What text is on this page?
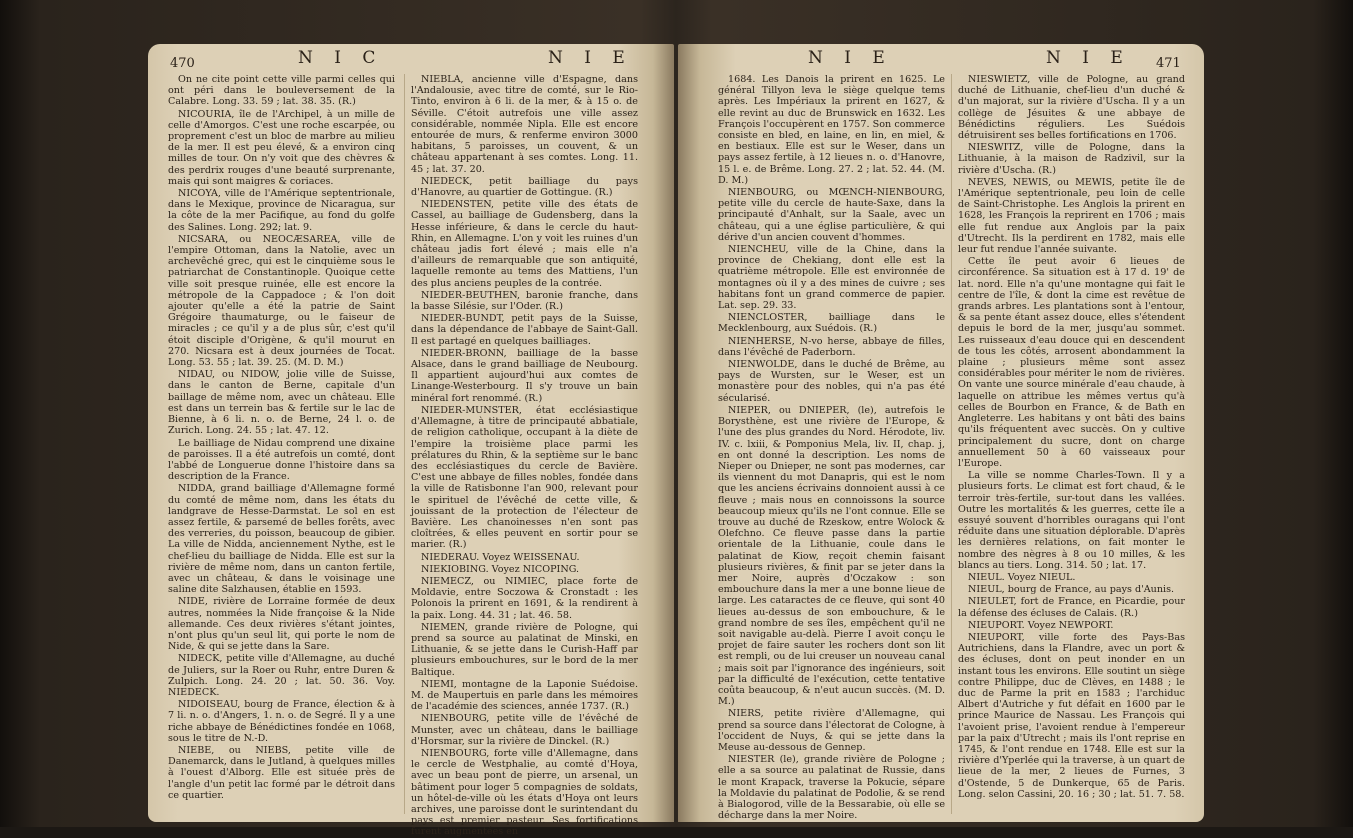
470	N I C	N I E

On ne cite point cette ville parmi celles qui ont péri dans le bouleversement de la Calabre. Long. 33. 59 ; lat. 38. 35. (R.)

NICOURIA, île de l'Archipel, à un mille de celle d'Amorgos. C'est une roche escarpée, ou proprement c'est un bloc de marbre au milieu de la mer. Il est peu élevé, & a environ cinq milles de tour. On n'y voit que des chèvres & des perdrix rouges d'une beauté surprenante, mais qui sont maigres & coriaces.

NICOYA, ville de l'Amérique septentrionale, dans le Mexique, province de Nicaragua, sur la côte de la mer Pacifique, au fond du golfe des Salines. Long. 292; lat. 9.

NICSARA, ou NEOCÆSAREA, ville de l'empire Ottoman, dans la Natolie, avec un archevêché grec, qui est le cinquième sous le patriarchat de Constantinople. Quoique cette ville soit presque ruinée, elle est encore la métropole de la Cappadoce ; & l'on doit ajouter qu'elle a été la patrie de Saint Grégoire thaumaturge, ou le faiseur de miracles ; ce qu'il y a de plus sûr, c'est qu'il étoit disciple d'Origène, & qu'il mourut en 270. Nicsara est à deux journées de Tocat. Long. 53. 55 ; lat. 39. 25. (M. D. M.)

NIDAU, ou NIDOW, jolie ville de Suisse, dans le canton de Berne, capitale d'un baillage de même nom, avec un château. Elle est dans un terrein bas & fertile sur le lac de Bienne, à 6 li. n. o. de Berne, 24 l. o. de Zurich. Long. 24. 55 ; lat. 47. 12.

Le bailliage de Nidau comprend une dixaine de paroisses. Il a été autrefois un comté, dont l'abbé de Longuerue donne l'histoire dans sa description de la France.

NIDDA, grand bailliage d'Allemagne formé du comté de même nom, dans les états du landgrave de Hesse-Darmstat. Le sol en est assez fertile, & parsemé de belles forêts, avec des verreries, du poisson, beaucoup de gibier. La ville de Nidda, anciennement Nythe, est le chef-lieu du bailliage de Nidda. Elle est sur la rivière de même nom, dans un canton fertile, avec un château, & dans le voisinage une saline dite Salzhausen, établie en 1593.

NIDE, rivière de Lorraine formée de deux autres, nommées la Nide françoise & la Nide allemande. Ces deux rivières s'étant jointes, n'ont plus qu'un seul lit, qui porte le nom de Nide, & qui se jette dans la Sare.

NIDECK, petite ville d'Allemagne, au duché de Juliers, sur la Roer ou Ruhr, entre Duren & Zulpich. Long. 24. 20 ; lat. 50. 36. Voy. NIEDECK.

NIDOISEAU, bourg de France, élection & à 7 li. n. o. d'Angers, 1. n. o. de Segré. Il y a une riche abbaye de Bénédictines fondée en 1068, sous le titre de N.-D.

NIEBE, ou NIEBS, petite ville de Danemarck, dans le Jutland, à quelques milles à l'ouest d'Alborg. Elle est située près de l'angle d'un petit lac formé par le détroit dans ce quartier.

NIEBLA, ancienne ville d'Espagne, dans l'Andalousie, avec titre de comté, sur le Rio-Tinto, environ à 6 li. de la mer, & à 15 o. de Séville. C'étoit autrefois une ville assez considérable, nommée Nipla. Elle est encore entourée de murs, & renferme environ 3000 habitans, 5 paroisses, un couvent, & un château appartenant à ses comtes. Long. 11. 45 ; lat. 37. 20.

NIEDECK, petit bailliage du pays d'Hanovre, au quartier de Gottingue. (R.)

NIEDENSTEN, petite ville des états de Cassel, au bailliage de Gudensberg, dans la Hesse inférieure, & dans le cercle du haut-Rhin, en Allemagne. L'on y voit les ruines d'un château jadis fort élevé ; mais elle n'a d'ailleurs de remarquable que son antiquité, laquelle remonte au tems des Mattiens, l'un des plus anciens peuples de la contrée.

NIEDER-BEUTHEN, baronie franche, dans la basse Silésie, sur l'Oder. (R.)

NIEDER-BUNDT, petit pays de la Suisse, dans la dépendance de l'abbaye de Saint-Gall. Il est partagé en quelques bailliages.

NIEDER-BRONN, bailliage de la basse Alsace, dans le grand bailliage de Neubourg. Il appartient aujourd'hui aux comtes de Linange-Westerbourg. Il s'y trouve un bain minéral fort renommé. (R.)

NIEDER-MUNSTER, état ecclésiastique d'Allemagne, à titre de principauté abbatiale, de religion catholique, occupant à la diète de l'empire la troisième place parmi les prélatures du Rhin, & la septième sur le banc des ecclésiastiques du cercle de Bavière. C'est une abbaye de filles nobles, fondée dans la ville de Ratisbonne l'an 900, relevant pour le spirituel de l'évêché de cette ville, & jouissant de la protection de l'électeur de Bavière. Les chanoinesses n'en sont pas cloîtrées, & elles peuvent en sortir pour se marier. (R.)

NIEDERAU. Voyez WEISSENAU.

NIEKIOBING. Voyez NICOPING.

NIEMECZ, ou NIMIEC, place forte de Moldavie, entre Soczowa & Cronstadt : les Polonois la prirent en 1691, & la rendirent à la paix. Long. 44. 31 ; lat. 46. 58.

NIEMEN, grande rivière de Pologne, qui prend sa source au palatinat de Minski, en Lithuanie, & se jette dans le Curish-Haff par plusieurs embouchures, sur le bord de la mer Baltique.

NIEMI, montagne de la Laponie Suédoise. M. de Maupertuis en parle dans les mémoires de l'académie des sciences, année 1737. (R.)

NIENBOURG, petite ville de l'évêché de Munster, avec un château, dans le bailliage d'Horsmar, sur la rivière de Dinckel. (R.)

NIENBOURG, forte ville d'Allemagne, dans le cercle de Westphalie, au comté d'Hoya, avec un beau pont de pierre, un arsenal, un bâtiment pour loger 5 compagnies de soldats, un hôtel-de-ville où les états d'Hoya ont leurs archives, une paroisse dont le surintendant du pays est premier pasteur. Ses fortifications furent augmentées en

N I E	N I E 471

1684. Les Danois la prirent en 1625. Le général Tillyon leva le siège quelque tems après. Les Impériaux la prirent en 1627, & elle revint au duc de Brunswick en 1632. Les François l'occupèrent en 1757. Son commerce consiste en bled, en laine, en lin, en miel, & en bestiaux. Elle est sur le Weser, dans un pays assez fertile, à 12 lieues n. o. d'Hanovre, 15 l. e. de Brême. Long. 27. 2 ; lat. 52. 44. (M. D. M.)

NIENBOURG, ou MŒNCH-NIENBOURG, petite ville du cercle de haute-Saxe, dans la principauté d'Anhalt, sur la Saale, avec un château, qui a une église particulière, & qui dérive d'un ancien couvent d'hommes.

NIENCHEU, ville de la Chine, dans la province de Chekiang, dont elle est la quatrième métropole. Elle est environnée de montagnes où il y a des mines de cuivre ; ses habitans font un grand commerce de papier. Lat. sep. 29. 33.

NIENCLOSTER, bailliage dans le Mecklenbourg, aux Suédois. (R.)

NIENHERSE, N-vo herse, abbaye de filles, dans l'évêché de Paderborn.

NIENWOLDE, dans le duché de Brême, au pays de Wursten, sur le Weser, est un monastère pour des nobles, qui n'a pas été sécularisé.

NIEPER, ou DNIEPER, (le), autrefois le Borysthène, est une rivière de l'Europe, & l'une des plus grandes du Nord. Hérodote, liv. IV. c. lxiii, & Pomponius Mela, liv. II, chap. j, en ont donné la description. Les noms de Nieper ou Dnieper, ne sont pas modernes, car ils viennent du mot Danapris, qui est le nom que les anciens écrivains donnoient aussi à ce fleuve ; mais nous en connoissons la source beaucoup mieux qu'ils ne l'ont connue. Elle se trouve au duché de Rzeskow, entre Wolock & Olefchno. Ce fleuve passe dans la partie orientale de la Lithuanie, coule dans le palatinat de Kiow, reçoit chemin faisant plusieurs rivières, & finit par se jeter dans la mer Noire, auprès d'Oczakow : son embouchure dans la mer a une bonne lieue de large. Les cataractes de ce fleuve, qui sont 40 lieues au-dessus de son embouchure, & le grand nombre de ses îles, empêchent qu'il ne soit navigable au-delà. Pierre I avoit conçu le projet de faire sauter les rochers dont son lit est rempli, ou de lui creuser un nouveau canal ; mais soit par l'ignorance des ingénieurs, soit par la difficulté de l'exécution, cette tentative coûta beaucoup, & n'eut aucun succès. (M. D. M.)

NIERS, petite rivière d'Allemagne, qui prend sa source dans l'électorat de Cologne, à l'occident de Nuys, & qui se jette dans la Meuse au-dessous de Gennep.

NIESTER (le), grande rivière de Pologne ; elle a sa source au palatinat de Russie, dans le mont Krapack, traverse la Pokucie, sépare la Moldavie du palatinat de Podolie, & se rend à Bialogorod, ville de la Bessarabie, où elle se décharge dans la mer Noire.

NIESWIETZ, ville de Pologne, au grand duché de Lithuanie, chef-lieu d'un duché & d'un majorat, sur la rivière d'Uscha. Il y a un collège de Jésuites & une abbaye de Bénédictins réguliers. Les Suédois détruisirent ses belles fortifications en 1706.

NIESWITZ, ville de Pologne, dans la Lithuanie, à la maison de Radzivil, sur la rivière d'Uscha. (R.)

NEVES, NEWIS, ou MEWIS, petite île de l'Amérique septentrionale, peu loin de celle de Saint-Christophe. Les Anglois la prirent en 1628, les François la reprirent en 1706 ; mais elle fut rendue aux Anglois par la paix d'Utrecht. Ils la perdirent en 1782, mais elle leur fut rendue l'année suivante.

Cette île peut avoir 6 lieues de circonférence. Sa situation est à 17 d. 19' de lat. nord. Elle n'a qu'une montagne qui fait le centre de l'île, & dont la cime est revêtue de grands arbres. Les plantations sont à l'entour, & sa pente étant assez douce, elles s'étendent depuis le bord de la mer, jusqu'au sommet. Les ruisseaux d'eau douce qui en descendent de tous les côtés, arrosent abondamment la plaine ; plusieurs même sont assez considérables pour mériter le nom de rivières. On vante une source minérale d'eau chaude, à laquelle on attribue les mêmes vertus qu'à celles de Bourbon en France, & de Bath en Angleterre. Les habitans y ont bâti des bains qu'ils fréquentent avec succès. On y cultive principalement du sucre, dont on charge annuellement 50 à 60 vaisseaux pour l'Europe.

La ville se nomme Charles-Town. Il y a plusieurs forts. Le climat est fort chaud, & le terroir très-fertile, sur-tout dans les vallées. Outre les mortalités & les guerres, cette île a essuyé souvent d'horribles ouragans qui l'ont réduite dans une situation déplorable. D'après les dernières relations, on fait monter le nombre des nègres à 8 ou 10 milles, & les blancs au tiers. Long. 314. 50 ; lat. 17.

NIEUL. Voyez NIEUL.

NIEUL, bourg de France, au pays d'Aunis.

NIEULET, fort de France, en Picardie, pour la défense des écluses de Calais. (R.)

NIEUPORT. Voyez NEWPORT.

NIEUPORT, ville forte des Pays-Bas Autrichiens, dans la Flandre, avec un port & des écluses, dont on peut inonder en un instant tous les environs. Elle soutint un siège contre Philippe, duc de Clèves, en 1488 ; le duc de Parme la prit en 1583 ; l'archiduc Albert d'Autriche y fut défait en 1600 par le prince Maurice de Nassau. Les François qui l'avoient prise, l'avoient rendue à l'empereur par la paix d'Utrecht ; mais ils l'ont reprise en 1745, & l'ont rendue en 1748. Elle est sur la rivière d'Yperlée qui la traverse, à un quart de lieue de la mer, 2 lieues de Furnes, 3 d'Ostende, 5 de Dunkerque, 65 de Paris. Long. selon Cassini, 20. 16 ; 30 ; lat. 51. 7. 58.
